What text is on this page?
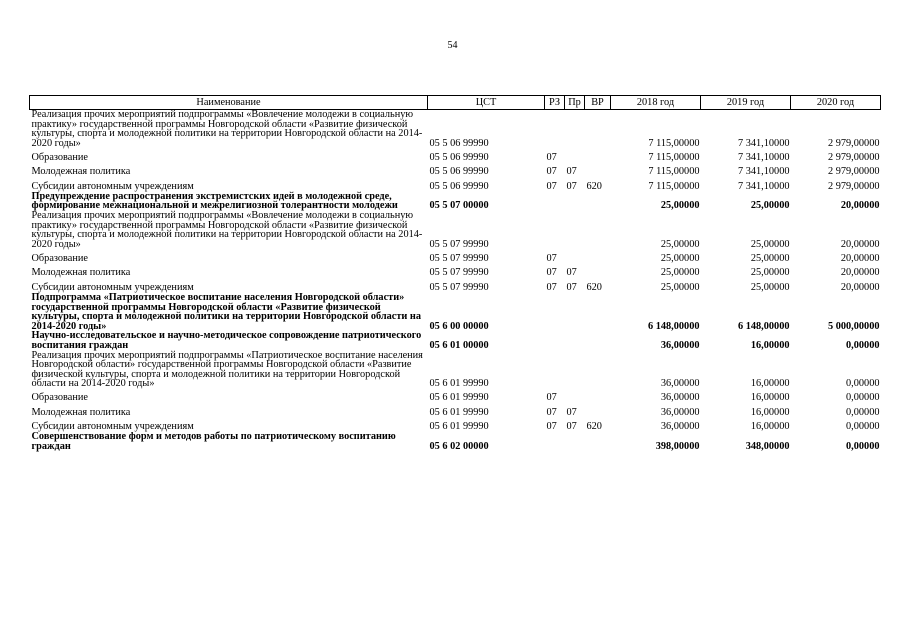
54
Наименование	ЦСТ	РЗ	Пр	ВР	2018 год	2019 год	2020 год
Реализация прочих мероприятий подпрограммы «Вовлечение молодежи в социальную практику» государственной программы Новгородской области «Развитие физической культуры, спорта и молодежной политики на территории Новгородской области на 2014-2020 годы»	05 5 06 99990				7 115,00000	7 341,10000	2 979,00000
Образование	05 5 06 99990	07			7 115,00000	7 341,10000	2 979,00000
Молодежная политика	05 5 06 99990	07	07		7 115,00000	7 341,10000	2 979,00000
Субсидии автономным учреждениям	05 5 06 99990	07	07	620	7 115,00000	7 341,10000	2 979,00000
Предупреждение распространения экстремистских идей в молодежной среде, формирование межнациональной и межрелигиозной толерантности молодежи	05 5 07 00000				25,00000	25,00000	20,00000
Реализация прочих мероприятий подпрограммы «Вовлечение молодежи в социальную практику» государственной программы Новгородской области «Развитие физической культуры, спорта и молодежной политики на территории Новгородской области на 2014-2020 годы»	05 5 07 99990				25,00000	25,00000	20,00000
Образование	05 5 07 99990	07			25,00000	25,00000	20,00000
Молодежная политика	05 5 07 99990	07	07		25,00000	25,00000	20,00000
Субсидии автономным учреждениям	05 5 07 99990	07	07	620	25,00000	25,00000	20,00000
Подпрограмма «Патриотическое воспитание населения Новгородской области» государственной программы Новгородской области «Развитие физической культуры, спорта и молодежной политики на территории Новгородской области на 2014-2020 годы»	05 6 00 00000				6 148,00000	6 148,00000	5 000,00000
Научно-исследовательское и научно-методическое сопровождение патриотического воспитания граждан	05 6 01 00000				36,00000	16,00000	0,00000
Реализация прочих мероприятий подпрограммы «Патриотическое воспитание населения Новгородской области» государственной программы Новгородской области «Развитие физической культуры, спорта и молодежной политики на территории Новгородской области на 2014-2020 годы»	05 6 01 99990				36,00000	16,00000	0,00000
Образование	05 6 01 99990	07			36,00000	16,00000	0,00000
Молодежная политика	05 6 01 99990	07	07		36,00000	16,00000	0,00000
Субсидии автономным учреждениям	05 6 01 99990	07	07	620	36,00000	16,00000	0,00000
Совершенствование форм и методов работы по патриотическому воспитанию граждан	05 6 02 00000				398,00000	348,00000	0,00000
